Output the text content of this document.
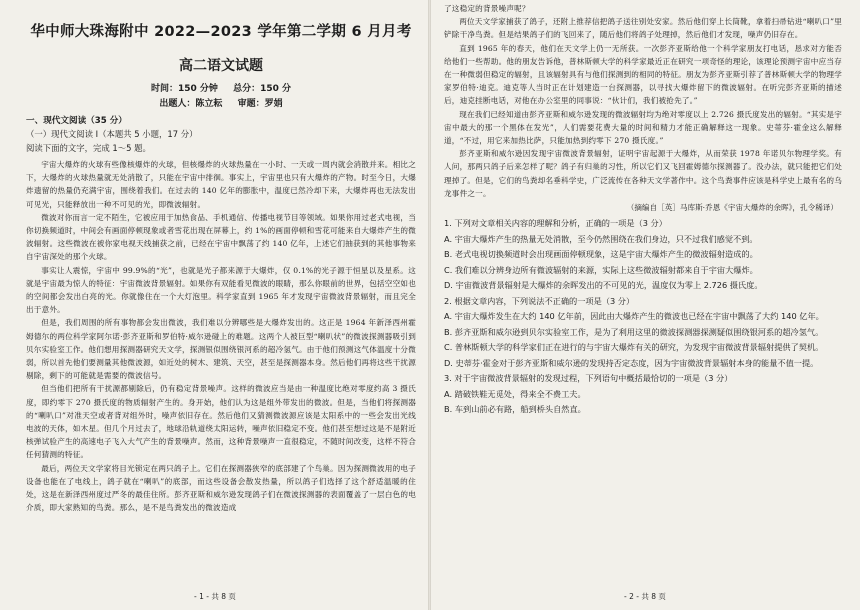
华中师大珠海附中 2022—2023 学年第二学期 6 月月考
高二语文试题
时间：150 分钟 总分：150 分
出题人：陈立耘 审题：罗娟
一、现代文阅读（35 分）
（一）现代文阅读 I（本题共 5 小题，17 分）
阅读下面的文字，完成 1～5 题。

宇宙大爆炸的火球有些像核爆炸的火球，但核爆炸的火球热量在一小时、一天或一周内就会消散并来。相比之下，大爆炸的火球热量就无处消散了，只能在宇宙中徘徊。事实上，宇宙里也只有大爆炸的产物。时至今日，大爆炸遗留的热量仍充满宇宙，围绕着我们。在过去的 140 亿年的膨胀中，温度已然冷却下来，大爆炸再也无法发出可见光，只能释放出一种不可见的光，即微波辐射。

微波对你而言一定不陌生，它被应用于加热食品、手机通信、传播电视节目等领域。如果你用过老式电视，当你切换频道时，中间会有画面停顿现象或者雪花出现在屏幕上，约 1%的画面停顿和雪花可能来自大爆炸产生的微波辐射。这些微波在被你家电视天线捕获之前，已经在宇宙中飘荡了约 140 亿年，上述它们抽获到的其他事物来自宇宙深处的那个火球。

事实让人震惊，宇宙中 99.9%的“光”，也就是光子都来源于大爆炸，仅 0.1%的光子源于恒星以及星系。这就是宇宙最为惊人的特征：宇宙微波背景辐射。如果你有双能看见微波的眼睛，那么你眼前的世界，包括空空如也的空间都会发出白亮的光。你就像住在一个大灯泡里。科学家直到 1965 年才发现宇宙微波背景辐射，而且完全出于意外。

但是，我们周围的所有事物都会发出微波，我们难以分辨哪些是大爆炸发出的。这正是 1964 年新泽西州霍姆德尔的两位科学家阿尔诺·彭齐亚斯和罗伯特·威尔逊碰上的难题。这两个人被巨型“喇叭状”的微波探测器吸引到贝尔实验室工作。他们想用探测器研究天文学，探测银似围绕银河系的超冷氢气。由于他们预测这气体温度十分微弱，所以首先他们要测量其他微波源，如近处的树木、建筑、天空，甚至是探测器本身。然后他们再将这些干扰源剔除，剩下的可能就是需要的微波信号。

但当他们把所有干扰源都剔除后，仍有稳定背景噪声。这样的微波应当是由一种温度比绝对零度约高 3 摄氏度，即约零下 270 摄氏度的物质辐射产生的。身开始，他们认为这是组外带发出的微波。但是，当他们将探测器的“喇叭口”对准天空或者背对组外时，噪声依旧存在。然后他们又猜测微波源应该是太阳系中的一些会发出光线电波的天体，如木星。但几个月过去了，地球沿轨道绕太阳运转，噪声依旧稳定不变。他们甚至想过这是不是附近核弹试验产生的高速电子飞入大气产生的背景噪声。然而，这种背景噪声一直很稳定，不随时间改变，这样不符合任何猜测的特征。

最后，两位天文学家将目光锁定在两只鸽子上。它们在探测器狭窄的底部建了个鸟巢。因为探测微波用的电子设备也能在了电线上，鸽子就在“喇叭”的底部，而这些设备会散发热量，所以鸽子们选择了这个舒适温暖的住处，这是在新泽西州度过严冬的最佳住所。彭齐亚斯和威尔逊发现鸽子们在微波探测器的表面覆盖了一层白色的电介质，即大家熟知的鸟粪。那么，是不是鸟粪发出的微波造成

- 1 - 共 8 页

了这稳定的背景噪声呢？

两位天文学家捕获了鸽子，还附上推荐信把鸽子送往别处安家。然后他们穿上长筒靴，拿着扫帚钻进“喇叭口”里铲除干净鸟粪。但是结果鸽子们的飞回来了，随后他们将鸽子处理掉，然后他们才发现，噪声仍旧存在。

直到 1965 年的春天，他们在天文学上仍一无所获。一次彭齐亚斯给他一个科学家朋友打电话，恳求对方能否给他们一些帮助。他的朋友告诉他，普林斯顿大学的科学家最近正在研究一项奇怪的理论，该理论预测宇宙中应当存在一种微弱但稳定的辐射，且该辐射具有与他们探测到的相同的特征。朋友为彭齐亚斯引荐了普林斯顿大学的物理学家罗伯特·迪克。迪克等人当时正在计划建造一台探测器，以寻找大爆炸留下的微波辐射。在听完彭齐亚斯的描述后，迪克挂断电话，对他在办公室里的同事说：“伙计们，我们被抢先了。”

现在我们已经知道由彭齐亚斯和威尔逊发现的微波辐射均为绝对零度以上 2.726 摄氏度发出的辐射。“其实是宇宙中最大的那一个黑体在发光”，人们需要花费大量的时间和精力才能正确解释这一现象。史蒂芬·霍金这么解释道，“不过，用它来加热比萨，只能加热到约零下 270 摄氏度。”

彭齐亚斯和威尔逊因发现宇宙微波背景辐射，证明宇宙起源于大爆炸，从而荣获 1978 年诺贝尔物理学奖。有人问，那两只鸽子后来怎样了呢？鸽子有归巢的习性，所以它们又飞回霍姆德尔探测器了。没办法，就只能把它们处理掉了。但是，它们的鸟粪却名垂科学史，广泛流传在各种天文学著作中。这个鸟粪事件应该是科学史上最有名的乌龙事件之一。

（摘编自［英］马库斯·乔恩《宇宙大爆炸的余晖》，孔令稀译）

1. 下列对文章相关内容的理解和分析，正确的一项是（3 分）

A. 宇宙大爆炸产生的热量无处消散，至今仍然围绕在我们身边，只不过我们感觉不到。

B. 老式电视切换频道时会出现画面停顿现象，这是宇宙大爆炸产生的微波辐射造成的。

C. 我们难以分辨身边所有微波辐射的来源，实际上这些微波辐射都来自于宇宙大爆炸。

D. 宇宙微波背景辐射是大爆炸的余晖发出的不可见的光，温度仅为零上 2.726 摄氏度。

2. 根据文章内容，下列说法不正确的一项是（3 分）

A. 宇宙大爆炸发生在大约 140 亿年前，因此由大爆炸产生的微波也已经在宇宙中飘荡了大约 140 亿年。

B. 彭齐亚斯和威尔逊到贝尔实验室工作，是为了利用这里的微波探测器探测疑似围绕银河系的超冷氢气。

C. 普林斯顿大学的科学家们正在进行的与宇宙大爆炸有关的研究，为发现宇宙微波背景辐射提供了契机。

D. 史蒂芬·霍金对于彭齐亚斯和威尔逊的发现持否定态度，因为宇宙微波背景辐射本身的能量不值一提。

3. 对于宇宙微波背景辐射的发现过程，下列语句中概括最恰切的一项是（3 分）

A. 踏破铁鞋无觅处，得来全不费工夫。

B. 车到山前必有路，船到桥头自然直。

- 2 - 共 8 页
